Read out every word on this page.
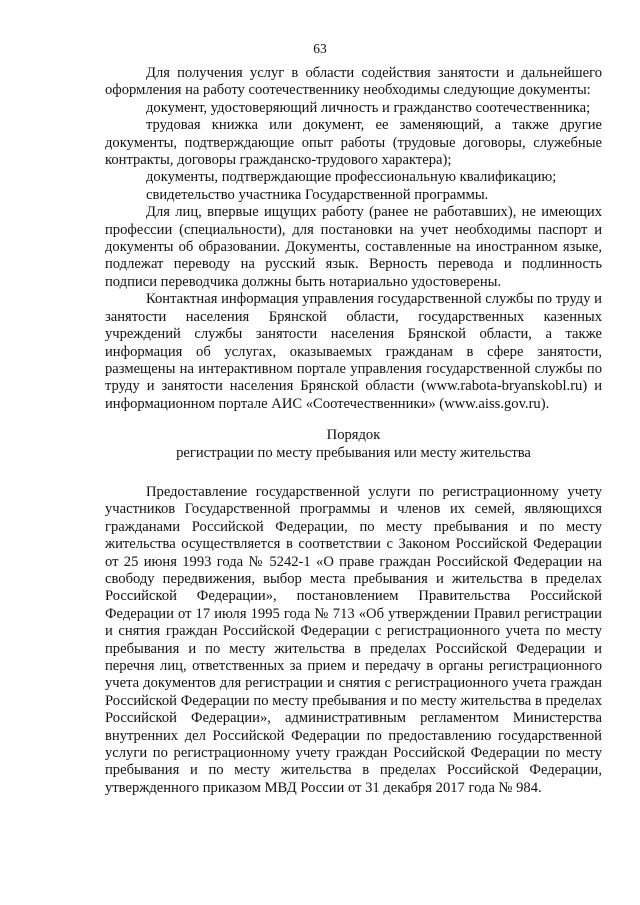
63

Для получения услуг в области содействия занятости и дальнейшего оформления на работу соотечественнику необходимы следующие документы:

документ, удостоверяющий личность и гражданство соотечественника;

трудовая книжка или документ, ее заменяющий, а также другие документы, подтверждающие опыт работы (трудовые договоры, служебные контракты, договоры гражданско-трудового характера);

документы, подтверждающие профессиональную квалификацию;

свидетельство участника Государственной программы.

Для лиц, впервые ищущих работу (ранее не работавших), не имеющих профессии (специальности), для постановки на учет необходимы паспорт и документы об образовании. Документы, составленные на иностранном языке, подлежат переводу на русский язык. Верность перевода и подлинность подписи переводчика должны быть нотариально удостоверены.

Контактная информация управления государственной службы по труду и занятости населения Брянской области, государственных казенных учреждений службы занятости населения Брянской области, а также информация об услугах, оказываемых гражданам в сфере занятости, размещены на интерактивном портале управления государственной службы по труду и занятости населения Брянской области (www.rabota-bryanskobl.ru) и информационном портале АИС «Соотечественники» (www.aiss.gov.ru).

Порядок

регистрации по месту пребывания или месту жительства

Предоставление государственной услуги по регистрационному учету участников Государственной программы и членов их семей, являющихся гражданами Российской Федерации, по месту пребывания и по месту жительства осуществляется в соответствии с Законом Российской Федерации от 25 июня 1993 года № 5242-1 «О праве граждан Российской Федерации на свободу передвижения, выбор места пребывания и жительства в пределах Российской Федерации», постановлением Правительства Российской Федерации от 17 июля 1995 года № 713 «Об утверждении Правил регистрации и снятия граждан Российской Федерации с регистрационного учета по месту пребывания и по месту жительства в пределах Российской Федерации и перечня лиц, ответственных за прием и передачу в органы регистрационного учета документов для регистрации и снятия с регистрационного учета граждан Российской Федерации по месту пребывания и по месту жительства в пределах Российской Федерации», административным регламентом Министерства внутренних дел Российской Федерации по предоставлению государственной услуги по регистрационному учету граждан Российской Федерации по месту пребывания и по месту жительства в пределах Российской Федерации, утвержденного приказом МВД России от 31 декабря 2017 года № 984.
